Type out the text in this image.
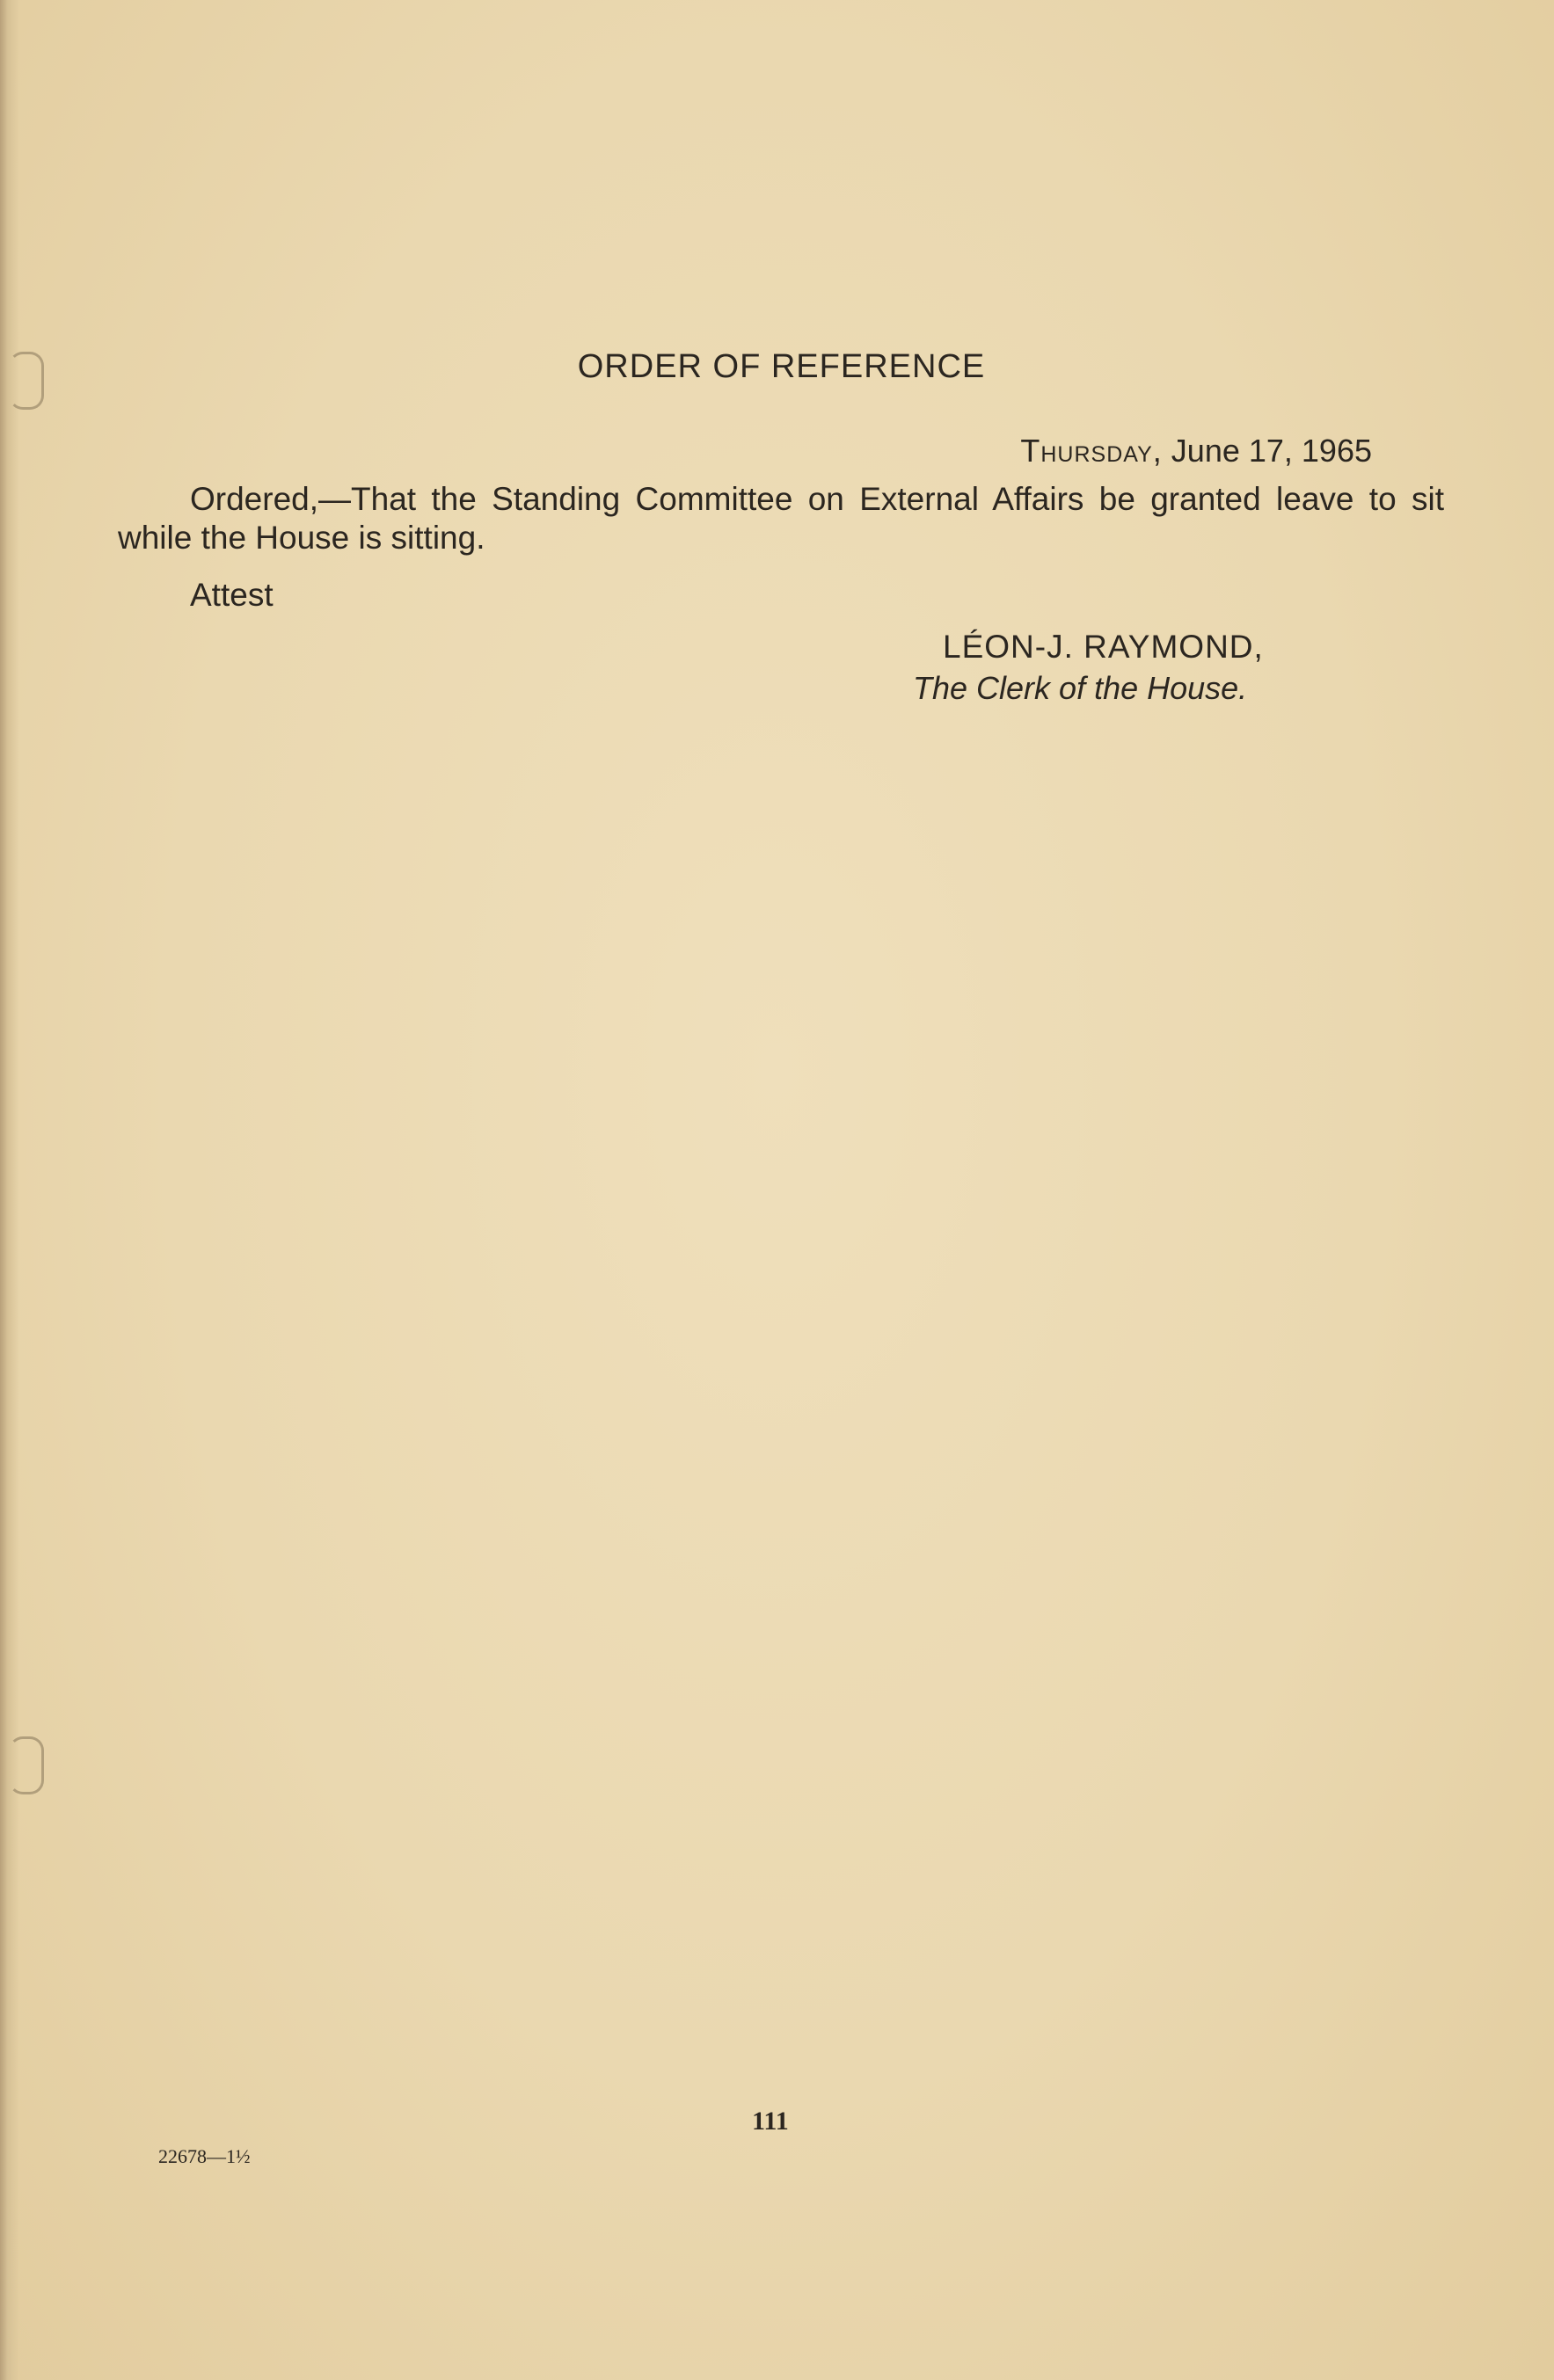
ORDER OF REFERENCE
Thursday, June 17, 1965
Ordered,—That the Standing Committee on External Affairs be granted leave to sit while the House is sitting.
Attest
LÉON-J. RAYMOND,
The Clerk of the House.
111
22678—1½
